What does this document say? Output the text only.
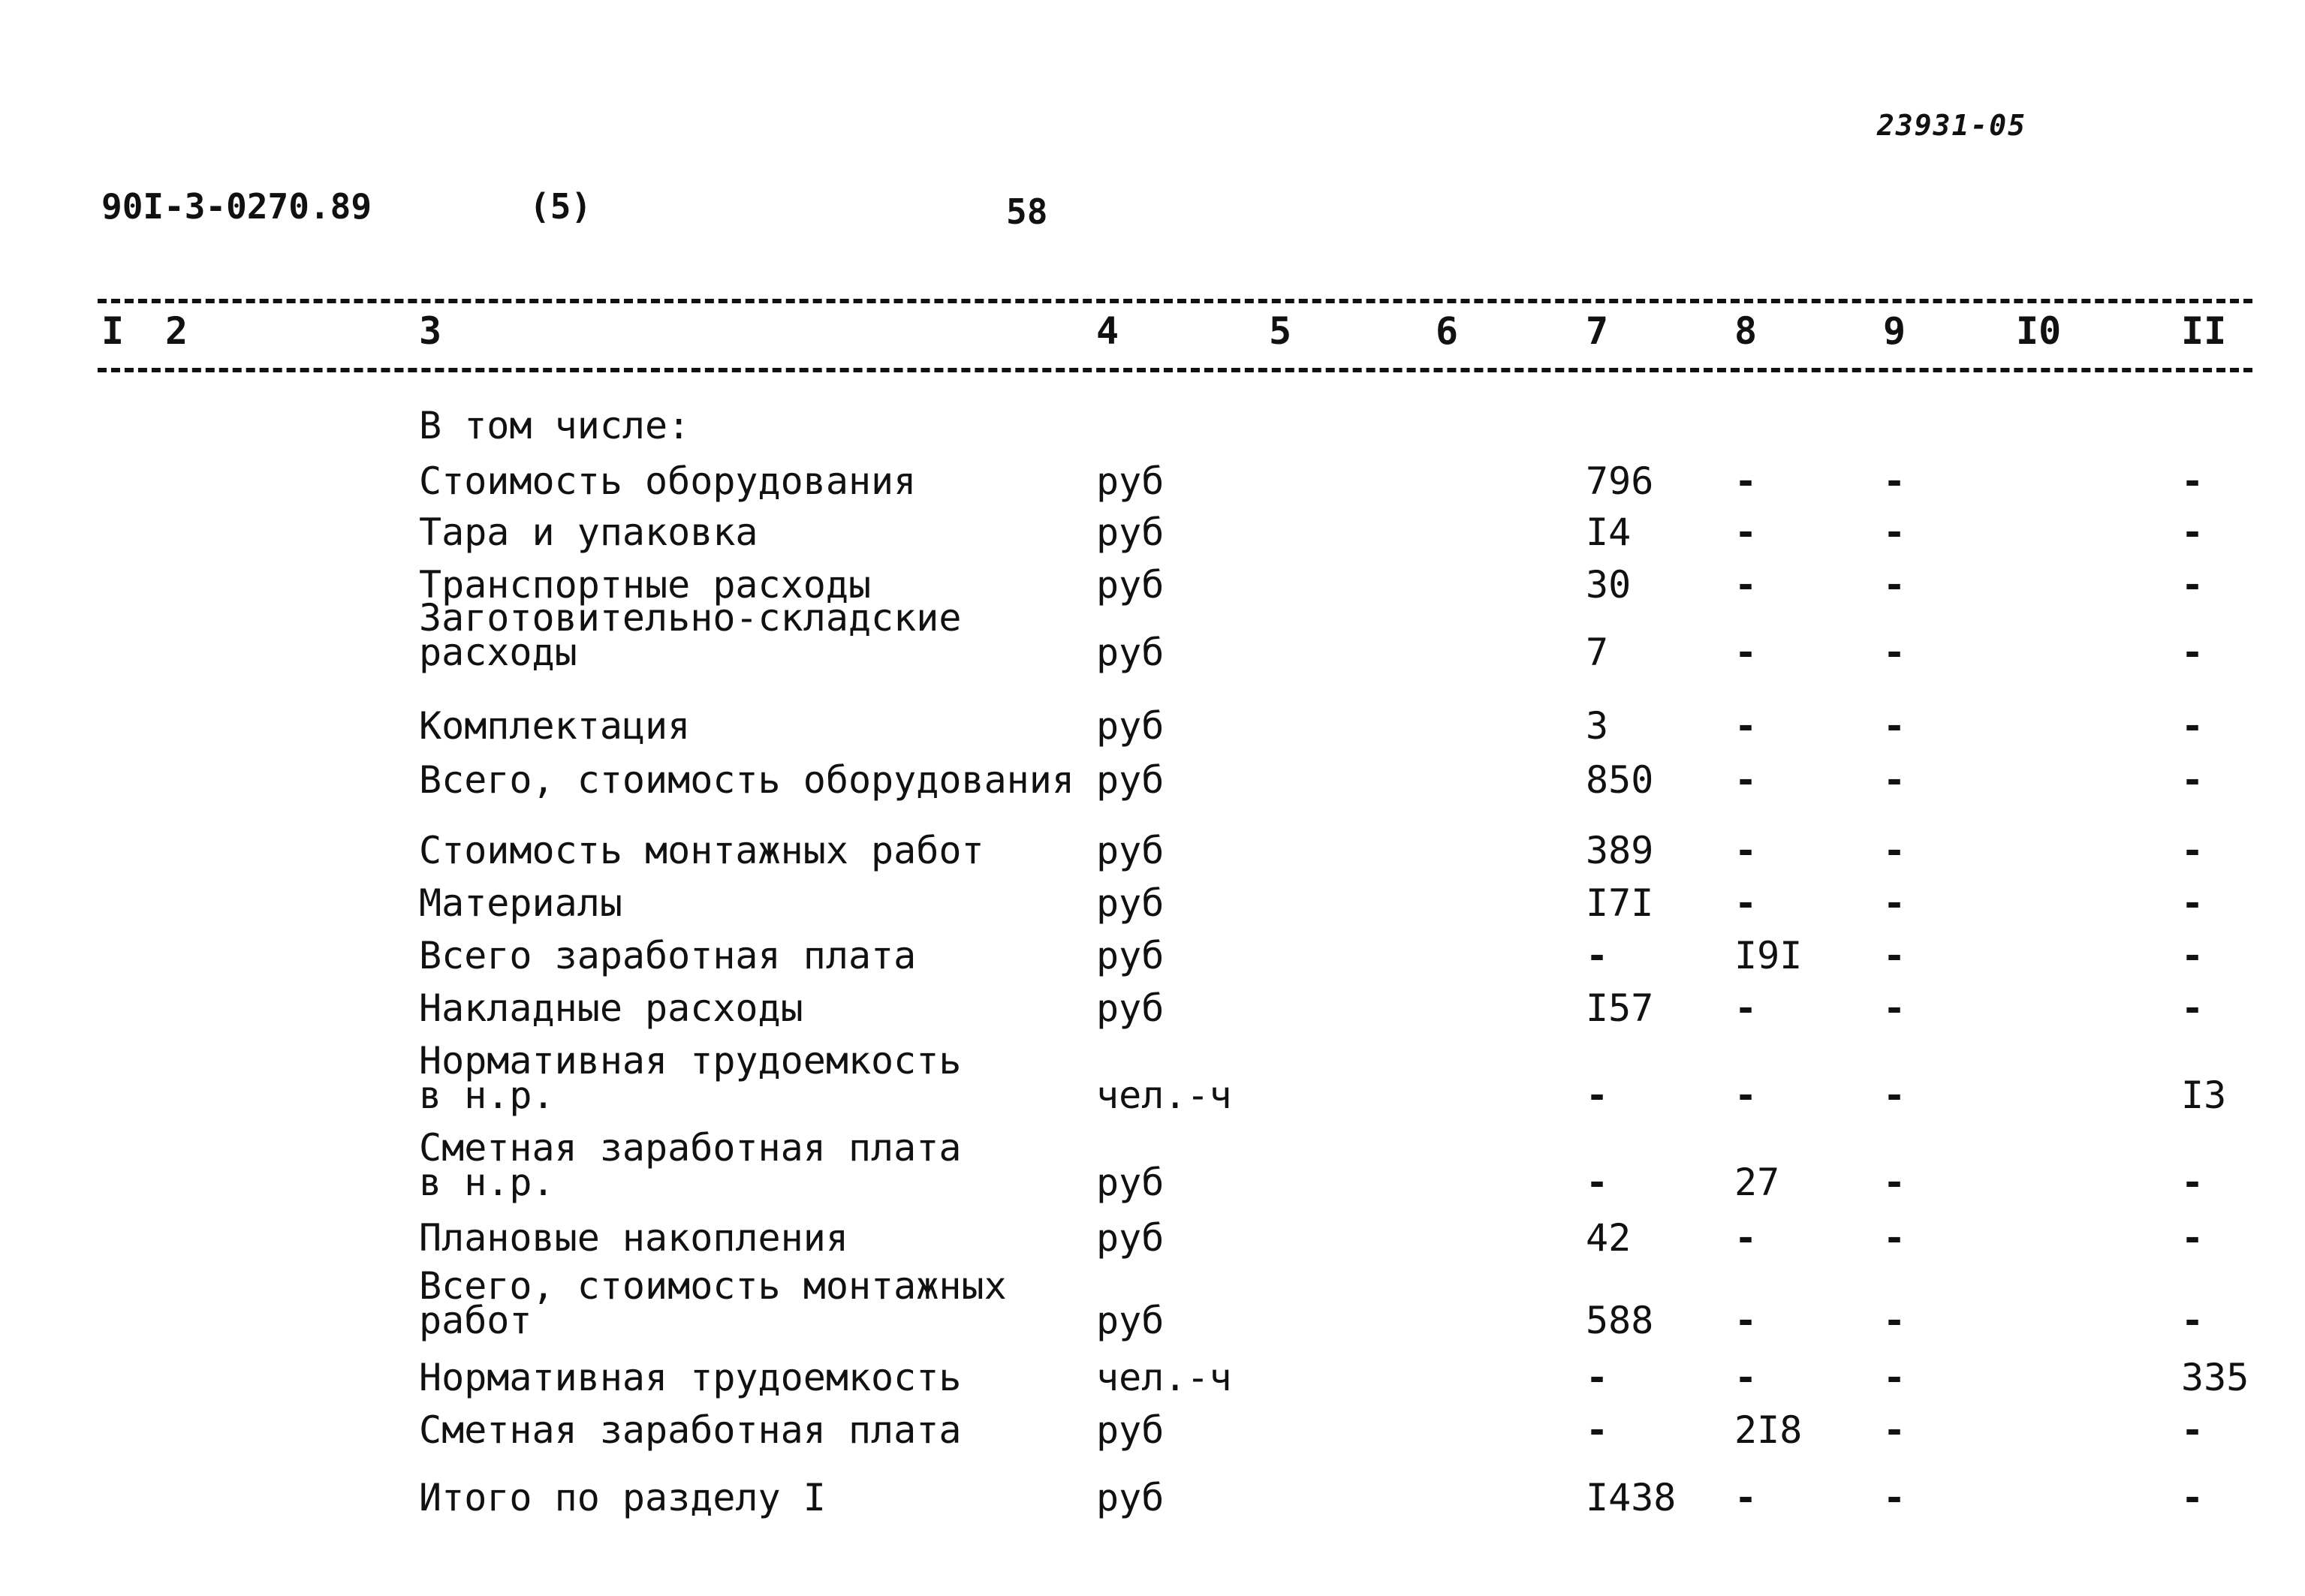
23931-05
90I-3-0270.89	(5)	58
I 2	3	4	5	6	7	8	9	I0	II
В том числе:
Стоимость оборудования	руб	796 -	-	-
Тара и упаковка	руб	I4	-	-	-
Транспортные расходы	руб	30	-	-	-
Заготовительно-складские
расходы	руб	7	-	-	-
Комплектация	руб	3	-	-	-
Всего, стоимость оборудования руб	850 -	-	-
Стоимость монтажных работ	руб	389 -	-	-
Материалы	руб	I7I -	-	-
Всего заработная плата	руб	-	I9I -	-
Накладные расходы	руб	I57 -	-	-
Нормативная трудоемкость
в н.р.	чел.-ч	-	-	-	I3
Сметная заработная плата
в н.р.	руб	-	27	-	-
Плановые накопления	руб	42	-	-	-
Всего, стоимость монтажных
работ	руб	588 -	-	-
Нормативная трудоемкость	чел.-ч	-	-	-	335
Сметная заработная плата	руб	-	2I8 -	-
Итого по разделу I	руб	I438 -	-	-
